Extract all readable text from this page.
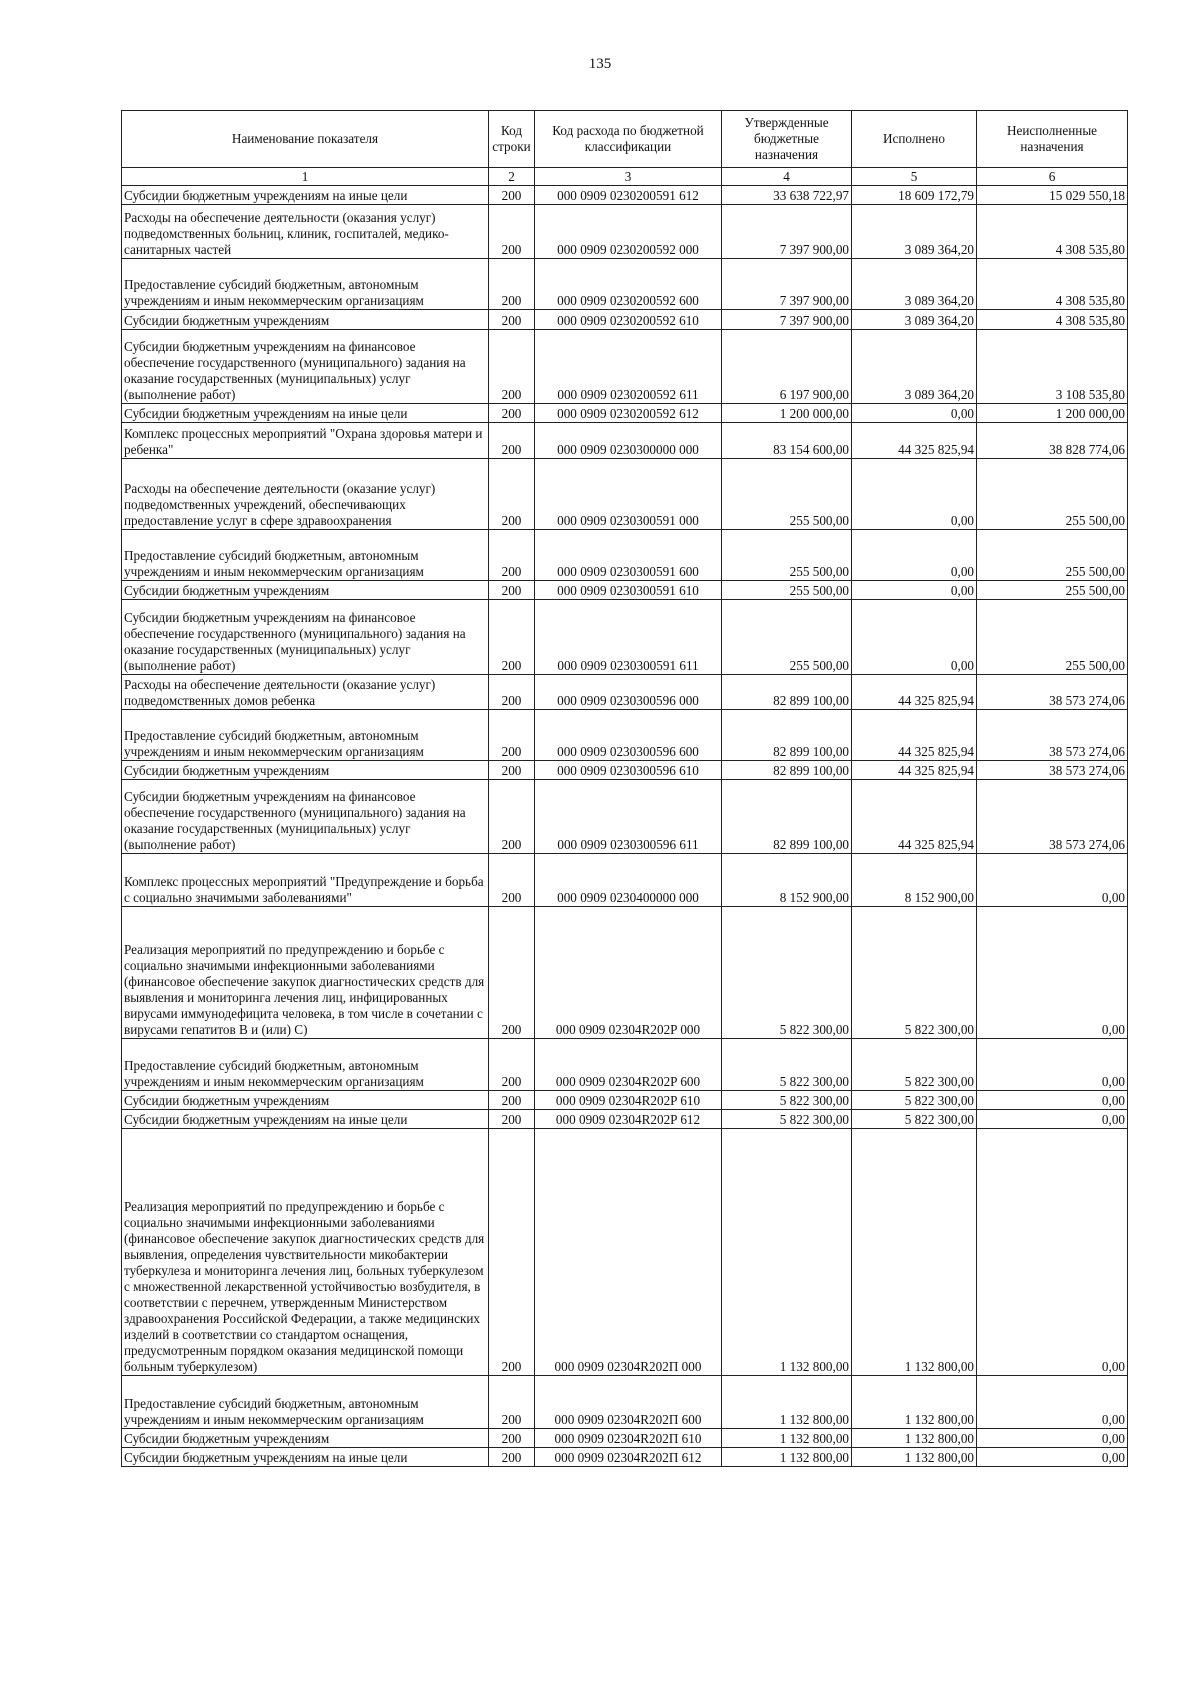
135
Наименование показателя	Код строки	Код расхода по бюджетной классификации	Утвержденные бюджетные назначения	Исполнено	Неисполненные назначения
1	2	3	4	5	6
Субсидии бюджетным учреждениям на иные цели	200	000 0909 0230200591 612	33 638 722,97	18 609 172,79	15 029 550,18
Расходы на обеспечение деятельности (оказания услуг) подведомственных больниц, клиник, госпиталей, медико-санитарных частей	200	000 0909 0230200592 000	7 397 900,00	3 089 364,20	4 308 535,80
Предоставление субсидий бюджетным, автономным учреждениям и иным некоммерческим организациям	200	000 0909 0230200592 600	7 397 900,00	3 089 364,20	4 308 535,80
Субсидии бюджетным учреждениям	200	000 0909 0230200592 610	7 397 900,00	3 089 364,20	4 308 535,80
Субсидии бюджетным учреждениям на финансовое обеспечение государственного (муниципального) задания на оказание государственных (муниципальных) услуг (выполнение работ)	200	000 0909 0230200592 611	6 197 900,00	3 089 364,20	3 108 535,80
Субсидии бюджетным учреждениям на иные цели	200	000 0909 0230200592 612	1 200 000,00	0,00	1 200 000,00
Комплекс процессных мероприятий "Охрана здоровья матери и ребенка"	200	000 0909 0230300000 000	83 154 600,00	44 325 825,94	38 828 774,06
Расходы на обеспечение деятельности (оказание услуг) подведомственных учреждений, обеспечивающих предоставление услуг в сфере здравоохранения	200	000 0909 0230300591 000	255 500,00	0,00	255 500,00
Предоставление субсидий бюджетным, автономным учреждениям и иным некоммерческим организациям	200	000 0909 0230300591 600	255 500,00	0,00	255 500,00
Субсидии бюджетным учреждениям	200	000 0909 0230300591 610	255 500,00	0,00	255 500,00
Субсидии бюджетным учреждениям на финансовое обеспечение государственного (муниципального) задания на оказание государственных (муниципальных) услуг (выполнение работ)	200	000 0909 0230300591 611	255 500,00	0,00	255 500,00
Расходы на обеспечение деятельности (оказание услуг) подведомственных домов ребенка	200	000 0909 0230300596 000	82 899 100,00	44 325 825,94	38 573 274,06
Предоставление субсидий бюджетным, автономным учреждениям и иным некоммерческим организациям	200	000 0909 0230300596 600	82 899 100,00	44 325 825,94	38 573 274,06
Субсидии бюджетным учреждениям	200	000 0909 0230300596 610	82 899 100,00	44 325 825,94	38 573 274,06
Субсидии бюджетным учреждениям на финансовое обеспечение государственного (муниципального) задания на оказание государственных (муниципальных) услуг (выполнение работ)	200	000 0909 0230300596 611	82 899 100,00	44 325 825,94	38 573 274,06
Комплекс процессных мероприятий "Предупреждение и борьба с социально значимыми заболеваниями"	200	000 0909 0230400000 000	8 152 900,00	8 152 900,00	0,00
Реализация мероприятий по предупреждению и борьбе с социально значимыми инфекционными заболеваниями (финансовое обеспечение закупок диагностических средств для выявления и мониторинга лечения лиц, инфицированных вирусами иммунодефицита человека, в том числе в сочетании с вирусами гепатитов B и (или) C)	200	000 0909 02304R202P 000	5 822 300,00	5 822 300,00	0,00
Предоставление субсидий бюджетным, автономным учреждениям и иным некоммерческим организациям	200	000 0909 02304R202P 600	5 822 300,00	5 822 300,00	0,00
Субсидии бюджетным учреждениям	200	000 0909 02304R202P 610	5 822 300,00	5 822 300,00	0,00
Субсидии бюджетным учреждениям на иные цели	200	000 0909 02304R202P 612	5 822 300,00	5 822 300,00	0,00
Реализация мероприятий по предупреждению и борьбе с социально значимыми инфекционными заболеваниями (финансовое обеспечение закупок диагностических средств для выявления, определения чувствительности микобактерии туберкулеза и мониторинга лечения лиц, больных туберкулезом с множественной лекарственной устойчивостью возбудителя, в соответствии с перечнем, утвержденным Министерством здравоохранения Российской Федерации, а также медицинских изделий в соответствии со стандартом оснащения, предусмотренным порядком оказания медицинской помощи больным туберкулезом)	200	000 0909 02304R202П 000	1 132 800,00	1 132 800,00	0,00
Предоставление субсидий бюджетным, автономным учреждениям и иным некоммерческим организациям	200	000 0909 02304R202П 600	1 132 800,00	1 132 800,00	0,00
Субсидии бюджетным учреждениям	200	000 0909 02304R202П 610	1 132 800,00	1 132 800,00	0,00
Субсидии бюджетным учреждениям на иные цели	200	000 0909 02304R202П 612	1 132 800,00	1 132 800,00	0,00
